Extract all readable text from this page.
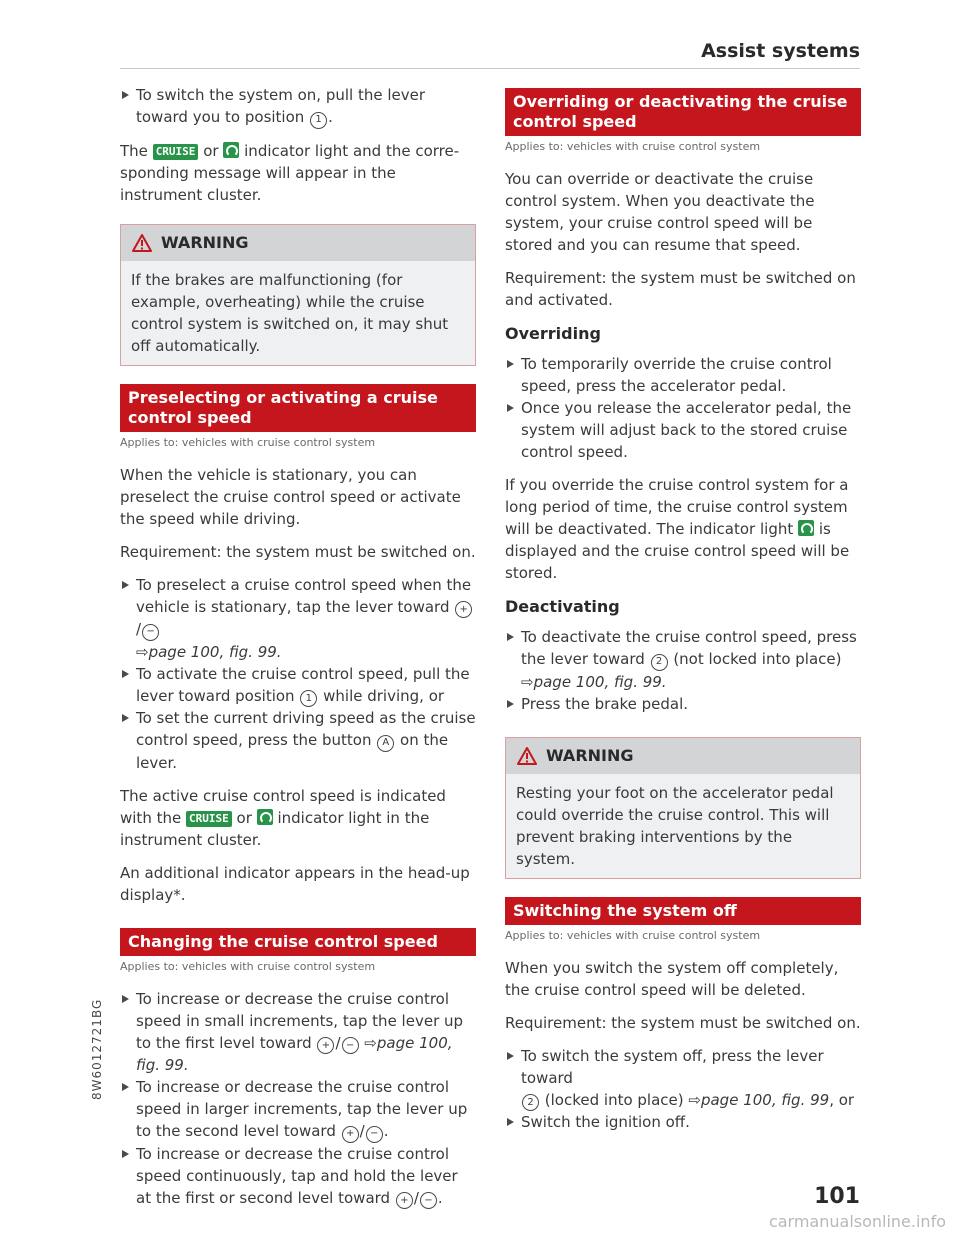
Assist systems
To switch the system on, pull the lever toward you to position 1 .

The CRUISE or indicator light and the corresponding message will appear in the instrument cluster.

WARNING
If the brakes are malfunctioning (for example, overheating) while the cruise control system is switched on, it may shut off automatically.
Preselecting or activating a cruise control speed
Applies to: vehicles with cruise control system

When the vehicle is stationary, you can preselect the cruise control speed or activate the speed while driving.

Requirement: the system must be switched on.

To preselect a cruise control speed when the vehicle is stationary, tap the lever toward +/ −
⇨page 100, fig. 99.
To activate the cruise control speed, pull the lever toward position 1 while driving, or
To set the current driving speed as the cruise control speed, press the button A on the lever.

The active cruise control speed is indicated with the CRUISE or indicator light in the instrument cluster.

An additional indicator appears in the head-up display*.

Changing the cruise control speed
Applies to: vehicles with cruise control system
To increase or decrease the cruise control speed in small increments, tap the lever up to the first level toward + / − ⇨page 100, fig. 99.
To increase or decrease the cruise control speed in larger increments, tap the lever up to the second level toward + / − .
To increase or decrease the cruise control speed continuously, tap and hold the lever at the first or second level toward + / − .
Overriding or deactivating the cruise control speed
Applies to: vehicles with cruise control system

You can override or deactivate the cruise control system. When you deactivate the system, your cruise control speed will be stored and you can resume that speed.

Requirement: the system must be switched on and activated.

Overriding
To temporarily override the cruise control speed, press the accelerator pedal.
Once you release the accelerator pedal, the system will adjust back to the stored cruise control speed.

If you override the cruise control system for a long period of time, the cruise control system will be deactivated. The indicator light is displayed and the cruise control speed will be stored.

Deactivating
To deactivate the cruise control speed, press the lever toward 2 (not locked into place)
⇨page 100, fig. 99.
Press the brake pedal.
WARNING
Resting your foot on the accelerator pedal could override the cruise control. This will prevent braking interventions by the system.
Switching the system off
Applies to: vehicles with cruise control system

When you switch the system off completely, the cruise control speed will be deleted.

Requirement: the system must be switched on.

To switch the system off, press the lever toward
2 (locked into place) ⇨page 100, fig. 99, or
Switch the ignition off.
8W6012721BG
101
carmanualsonline.info
